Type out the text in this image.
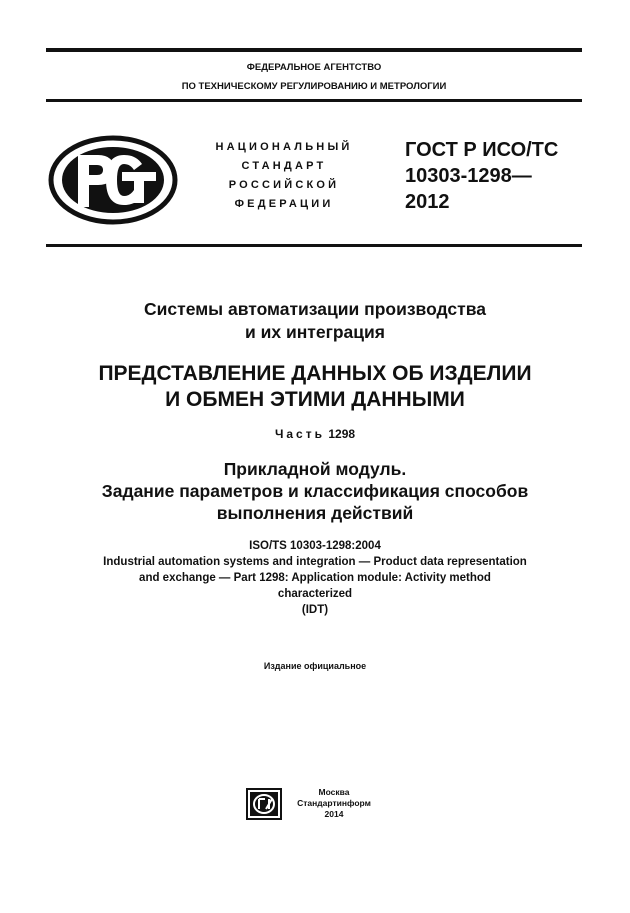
ФЕДЕРАЛЬНОЕ АГЕНТСТВО
ПО ТЕХНИЧЕСКОМУ РЕГУЛИРОВАНИЮ И МЕТРОЛОГИИ
НАЦИОНАЛЬНЫЙ
СТАНДАРТ
РОССИЙСКОЙ
ФЕДЕРАЦИИ
ГОСТ Р ИСО/ТС
10303-1298—
2012
Системы автоматизации производства
и их интеграция
ПРЕДСТАВЛЕНИЕ ДАННЫХ ОБ ИЗДЕЛИИ
И ОБМЕН ЭТИМИ ДАННЫМИ
Часть 1298
Прикладной модуль.
Задание параметров и классификация способов
выполнения действий
ISO/TS 10303-1298:2004
Industrial automation systems and integration — Product data representation
and exchange — Part 1298: Application module: Activity method
characterized
(IDT)
Издание официальное
Москва
Стандартинформ
2014
